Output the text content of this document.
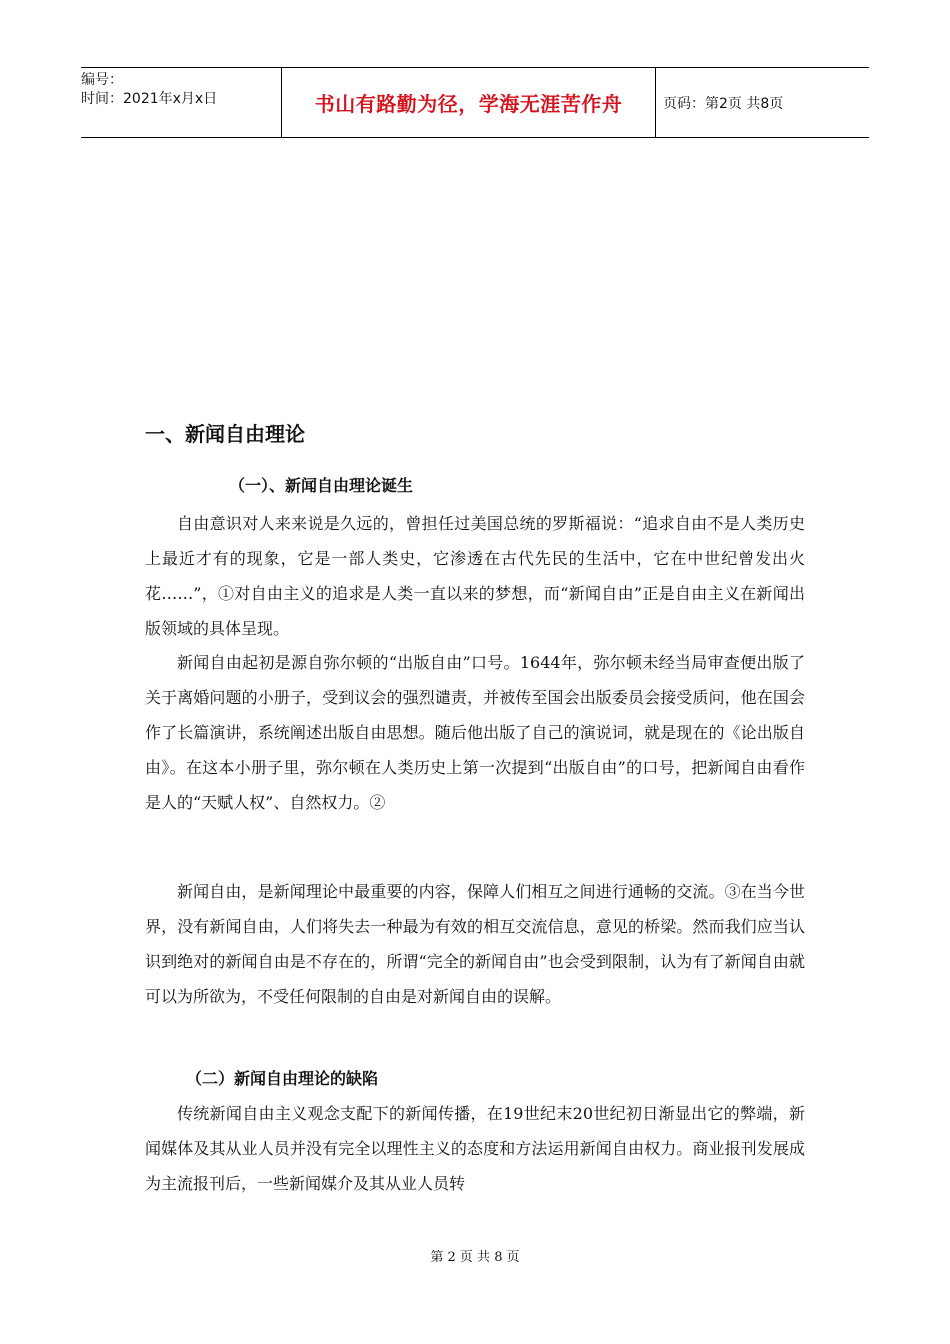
编号：
时间：2021年x月x日	书山有路勤为径，学海无涯苦作舟	页码：第2页 共8页
一、新闻自由理论
（一）、新闻自由理论诞生

自由意识对人来来说是久远的，曾担任过美国总统的罗斯福说：“追求自由不是人类历史上最近才有的现象，它是一部人类史，它渗透在古代先民的生活中，它在中世纪曾发出火花……”，①对自由主义的追求是人类一直以来的梦想，而“新闻自由”正是自由主义在新闻出版领域的具体呈现。

新闻自由起初是源自弥尔顿的“出版自由”口号。1644年，弥尔顿未经当局审查便出版了关于离婚问题的小册子，受到议会的强烈谴责，并被传至国会出版委员会接受质问，他在国会作了长篇演讲，系统阐述出版自由思想。随后他出版了自己的演说词，就是现在的《论出版自由》。在这本小册子里，弥尔顿在人类历史上第一次提到“出版自由”的口号，把新闻自由看作是人的“天赋人权”、自然权力。②

新闻自由，是新闻理论中最重要的内容，保障人们相互之间进行通畅的交流。③在当今世界，没有新闻自由，人们将失去一种最为有效的相互交流信息，意见的桥梁。然而我们应当认识到绝对的新闻自由是不存在的，所谓“完全的新闻自由”也会受到限制，认为有了新闻自由就可以为所欲为，不受任何限制的自由是对新闻自由的误解。

（二）新闻自由理论的缺陷

传统新闻自由主义观念支配下的新闻传播，在19世纪末20世纪初日渐显出它的弊端，新闻媒体及其从业人员并没有完全以理性主义的态度和方法运用新闻自由权力。商业报刊发展成为主流报刊后，一些新闻媒介及其从业人员转

第 2 页 共 8 页
